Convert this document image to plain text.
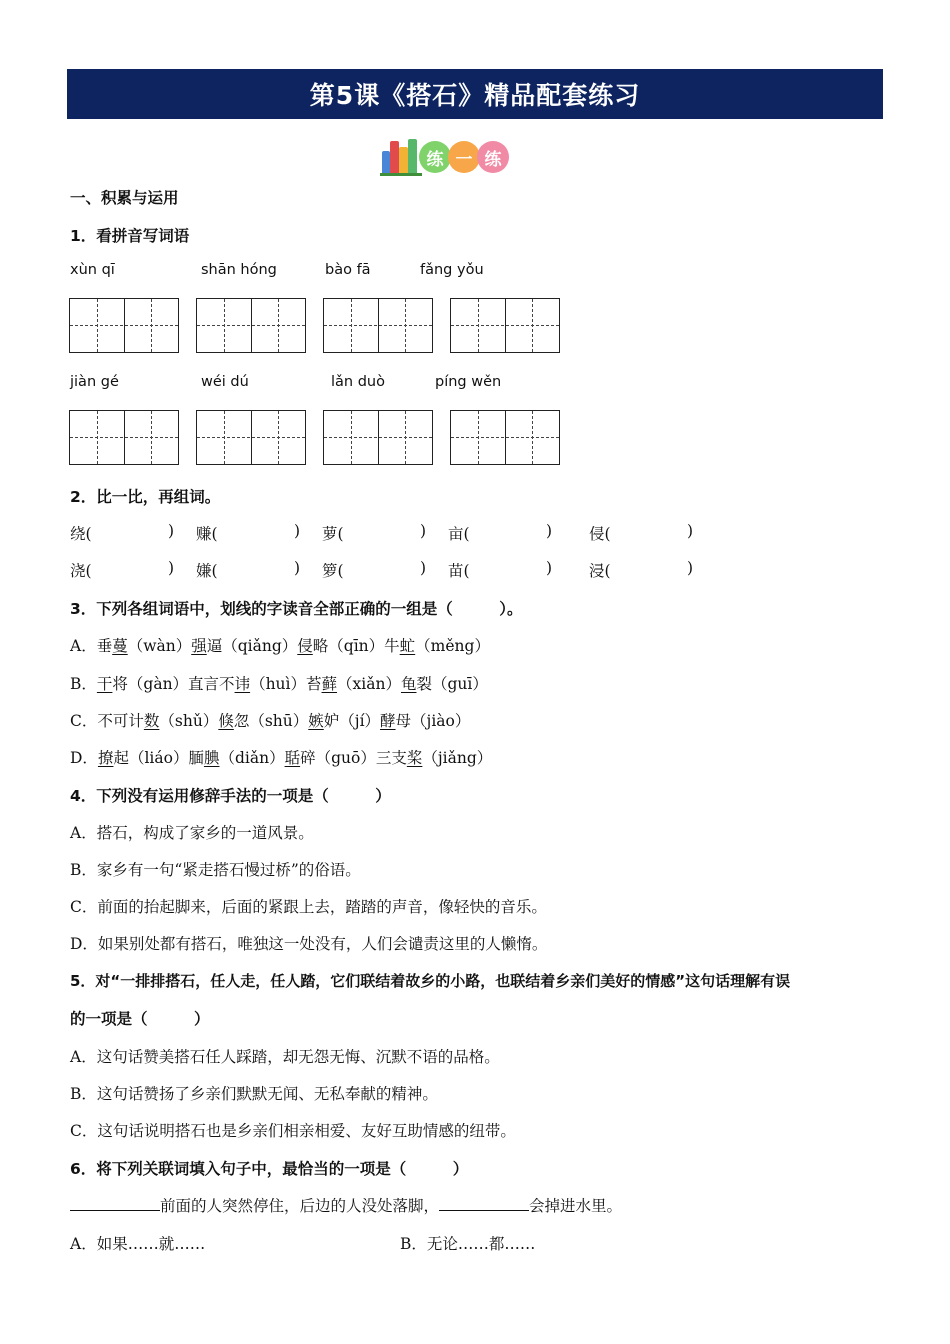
第5课《搭石》精品配套练习
练 一 练
一、积累与运用
1．看拼音写词语
xùn qī	shān hóng	bào fā	fǎng yǒu
jiàn gé	wéi dú	lǎn duò	píng wěn
2．比一比，再组词。
绕(	) 赚(	) 萝(	) 亩(	) 侵(	)
浇(	) 嫌(	) 箩(	) 苗(	) 浸(	)
3．下列各组词语中，划线的字读音全部正确的一组是（　　　）。
A．垂蔓（wàn）强逼（qiǎng）侵略（qīn）牛虻（měng）
B．干将（gàn）直言不讳（huì）苔藓（xiǎn）龟裂（guī）
C．不可计数（shǔ）倏忽（shū）嫉妒（jí）酵母（jiào）
D．撩起（liáo）腼腆（diǎn）聒碎（guō）三支桨（jiǎng）
4．下列没有运用修辞手法的一项是（　　　）
A．搭石，构成了家乡的一道风景。
B．家乡有一句“紧走搭石慢过桥”的俗语。
C．前面的抬起脚来，后面的紧跟上去，踏踏的声音，像轻快的音乐。
D．如果别处都有搭石，唯独这一处没有，人们会谴责这里的人懒惰。
5．对“一排排搭石，任人走，任人踏，它们联结着故乡的小路，也联结着乡亲们美好的情感”这句话理解有误
的一项是（　　　）
A．这句话赞美搭石任人踩踏，却无怨无悔、沉默不语的品格。
B．这句话赞扬了乡亲们默默无闻、无私奉献的精神。
C．这句话说明搭石也是乡亲们相亲相爱、友好互助情感的纽带。
6．将下列关联词填入句子中，最恰当的一项是（　　　）
前面的人突然停住，后边的人没处落脚，	会掉进水里。
A．如果……就……	B．无论……都……
